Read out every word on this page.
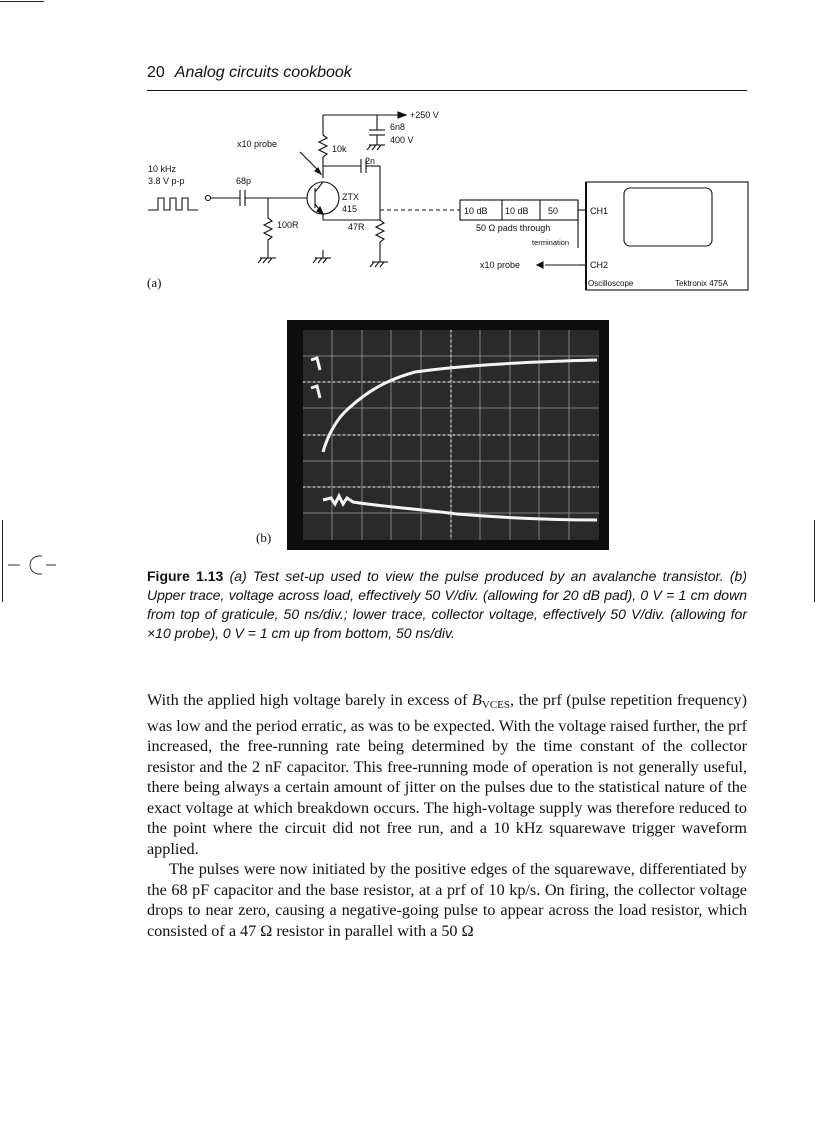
20 Analog circuits cookbook
+250 V
6n8
400 V
x10 probe	10k
2n
10 kHz
3.8 V p-p	68p
ZTX
415
100R	47R
10 dB 10 dB 50
50 Ω pads through
termination
x10 probe
CH1
CH2
Oscilloscope	Tektronix 475A
(a)
(b)
Figure 1.13 (a) Test set-up used to view the pulse produced by an avalanche transistor. (b) Upper trace, voltage across load, effectively 50 V/div. (allowing for 20 dB pad), 0 V = 1 cm down from top of graticule, 50 ns/div.; lower trace, collector voltage, effectively 50 V/div. (allowing for ×10 probe), 0 V = 1 cm up from bottom, 50 ns/div.

With the applied high voltage barely in excess of $B_{VCES}$, the prf (pulse repetition frequency) was low and the period erratic, as was to be expected. With the voltage raised further, the prf increased, the free-running rate being determined by the time constant of the collector resistor and the 2 nF capacitor. This free-running mode of operation is not generally useful, there being always a certain amount of jitter on the pulses due to the statistical nature of the exact voltage at which breakdown occurs. The high-voltage supply was therefore reduced to the point where the circuit did not free run, and a 10 kHz squarewave trigger waveform applied.

The pulses were now initiated by the positive edges of the squarewave, differentiated by the 68 pF capacitor and the base resistor, at a prf of 10 kp/s. On firing, the collector voltage drops to near zero, causing a negative-going pulse to appear across the load resistor, which consisted of a 47 Ω resistor in parallel with a 50 Ω
